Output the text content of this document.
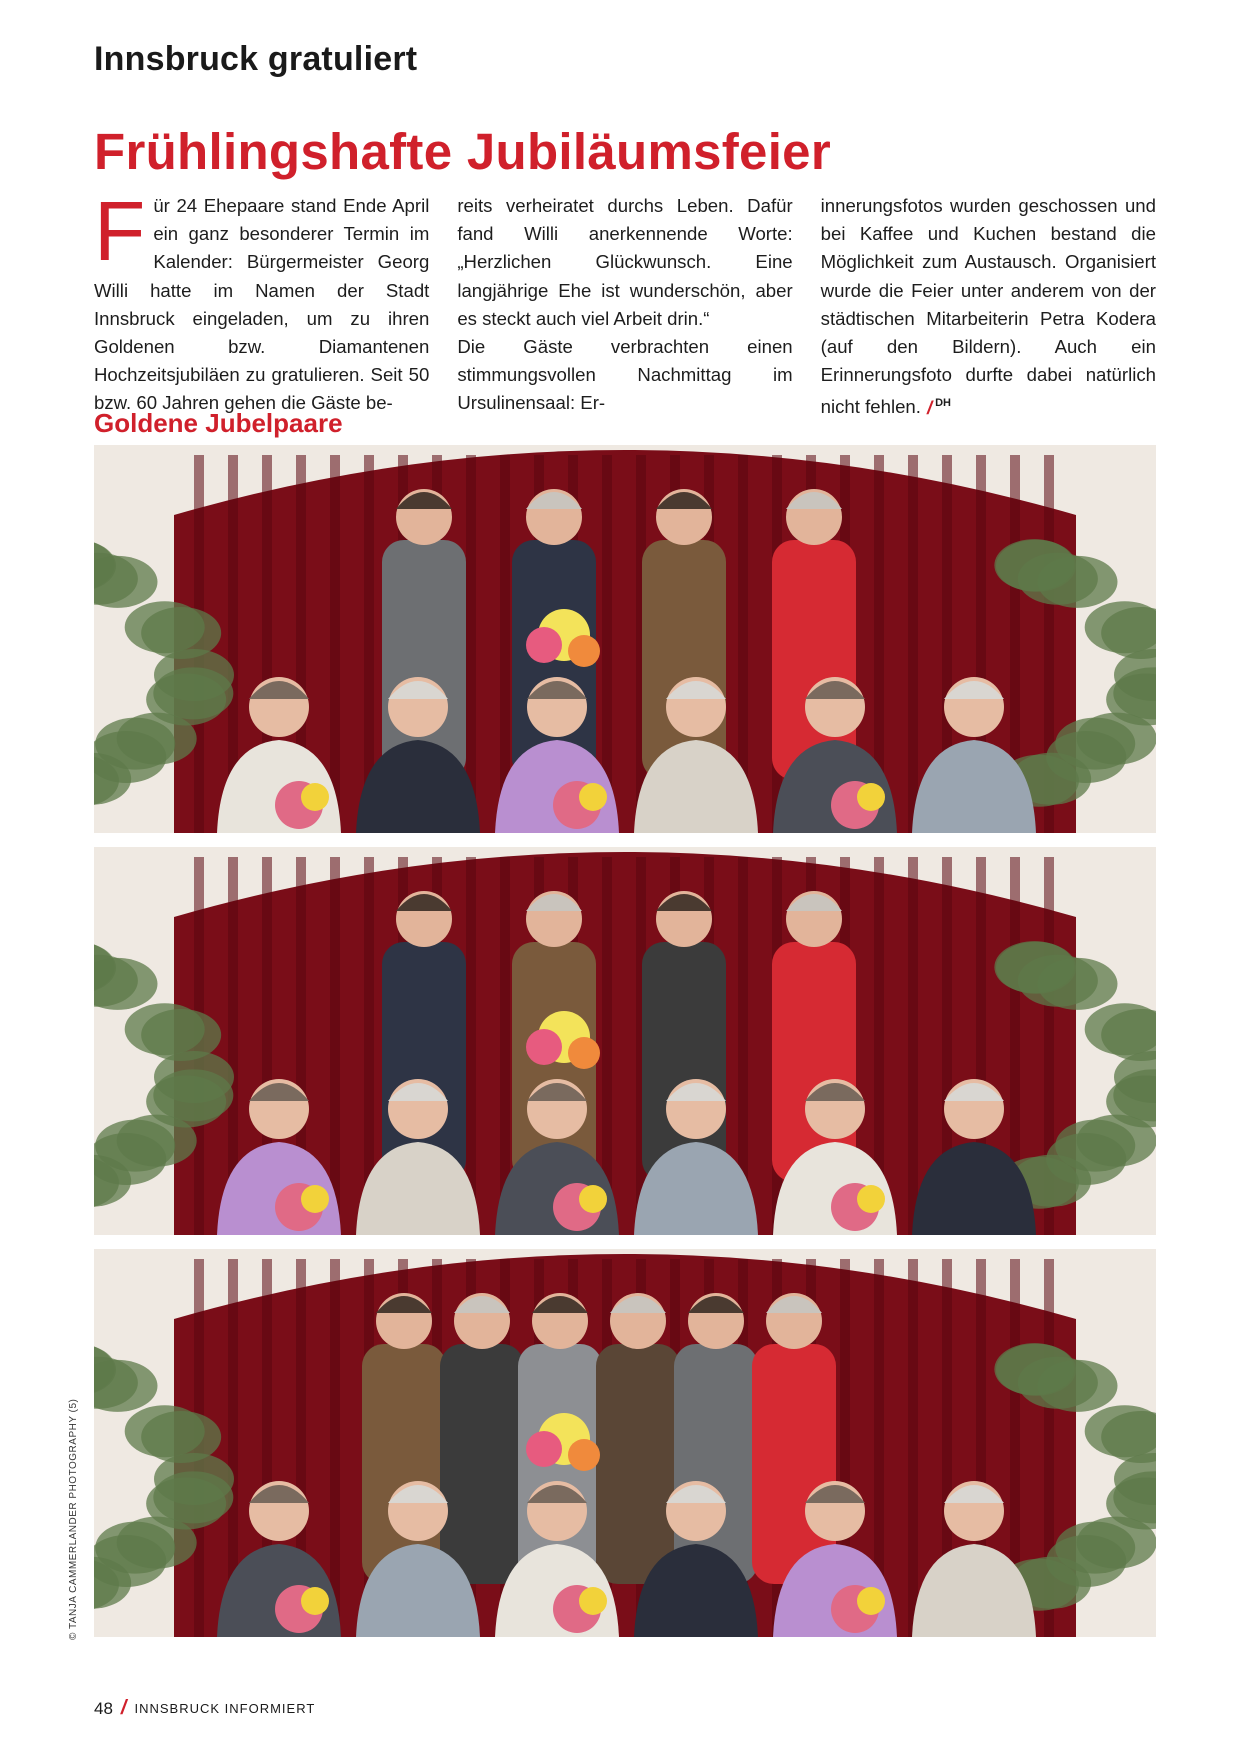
Innsbruck gratuliert
Frühlingshafte Jubiläumsfeier

Für 24 Ehepaare stand Ende April ein ganz besonderer Termin im Kalender: Bürgermeister Georg Willi hatte im Namen der Stadt Innsbruck eingeladen, um zu ihren Goldenen bzw. Diamantenen Hochzeitsjubiläen zu gratulieren. Seit 50 bzw. 60 Jahren gehen die Gäste be-

reits verheiratet durchs Leben. Dafür fand Willi anerkennende Worte: „Herzlichen Glückwunsch. Eine langjährige Ehe ist wunderschön, aber es steckt auch viel Arbeit drin.“

Die Gäste verbrachten einen stimmungsvollen Nachmittag im Ursulinensaal: Er-

innerungsfotos wurden geschossen und bei Kaffee und Kuchen bestand die Möglichkeit zum Austausch. Organisiert wurde die Feier unter anderem von der städtischen Mitarbeiterin Petra Kodera (auf den Bildern). Auch ein Erinnerungsfoto durfte dabei natürlich nicht fehlen. / $^{DH}$

Goldene Jubelpaare
© TANJA CAMMERLANDER PHOTOGRAPHY (5)
48 / INNSBRUCK INFORMIERT
